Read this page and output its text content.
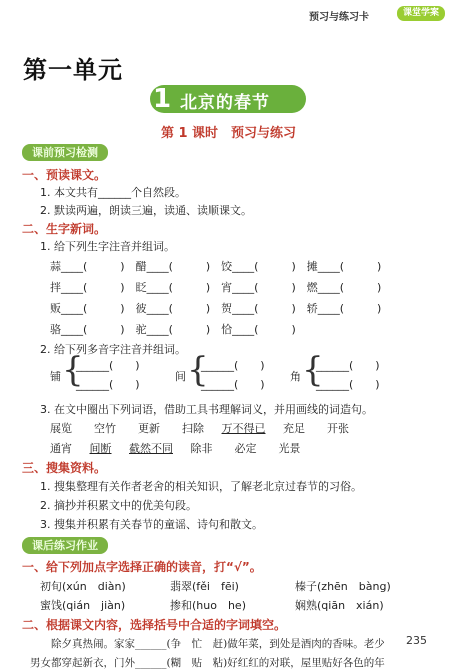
预习与练习卡	课堂学案
第一单元
1 北京的春节
第 1 课时　预习与练习
课前预习检测
一、预读课文。
1. 本文共有______个自然段。
2. 默读两遍，朗读三遍，读通、读顺课文。
二、生字新词。
1. 给下列生字注音并组词。
蒜____(　　　)　醋____(　　　)　饺____(　　　)　摊____(　　　)
拌____(　　　)　眨____(　　　)　宵____(　　　)　燃____(　　　)
贩____(　　　)　彼____(　　　)　贺____(　　　)　轿____(　　　)
骆____(　　　)　驼____(　　　)　恰____(　　　)
2. 给下列多音字注音并组词。
铺 {
______(　　)
______(　　)
间 {
______(　　)
______(　　)
角 {
______(　　)
______(　　)
3. 在文中圈出下列词语，借助工具书理解词义，并用画线的词造句。
展览　　空竹　　更新　　扫除 万不得已 充足　　开张
通宵 间断 截然不同 除非　　必定　　光景
三、搜集资料。
1. 搜集整理有关作者老舍的相关知识，了解老北京过春节的习俗。
2. 摘抄并积累文中的优美句段。
3. 搜集并积累有关春节的童谣、诗句和散文。
课后练习作业
一、给下列加点字选择正确的读音，打“√”。
初旬(xún　diàn)	翡翠(fěi　fēi)	榛子(zhēn　bàng)
蜜饯(qián　jiàn)	掺和(huo　he)	娴熟(qiān　xián)
二、根据课文内容，选择括号中合适的字词填空。
　　除夕真热闹。家家______(争　忙　赶)做年菜，到处是酒肉的香味。老少
男女都穿起新衣，门外______(糊　贴　粘)好红红的对联，屋里贴好各色的年
235
